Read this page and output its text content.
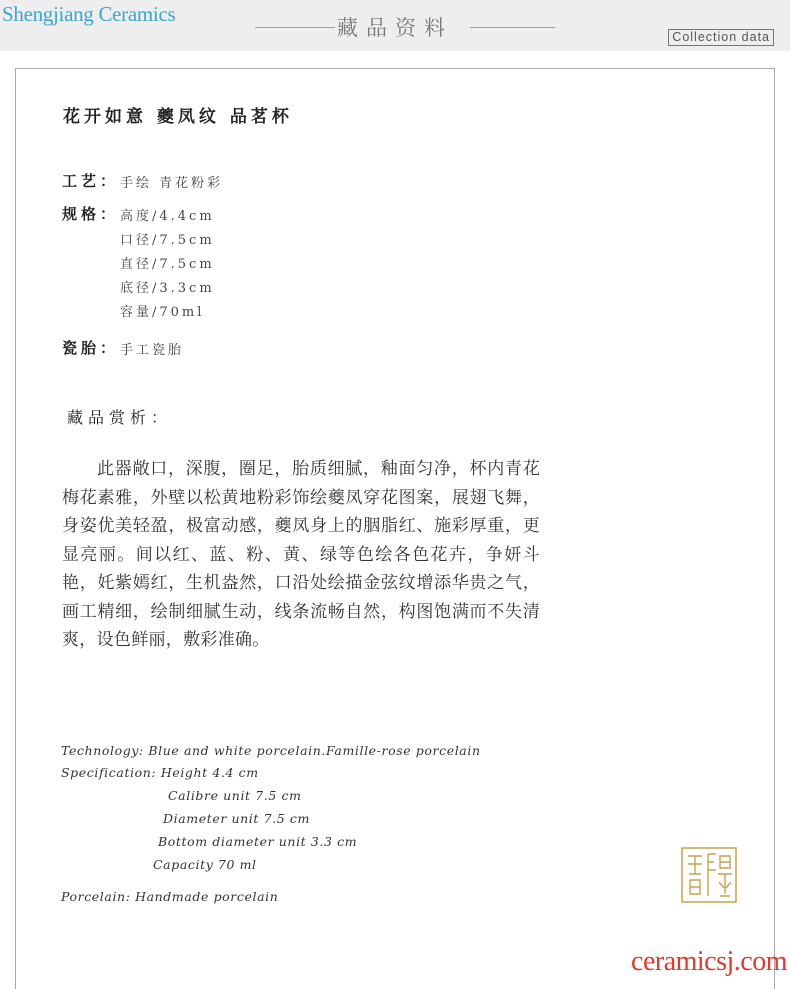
Shengjiang Ceramics
藏品资料	Collection data
花开如意 夔凤纹 品茗杯
工艺： 手绘 青花粉彩
规格： 高度/4.4cm
口径/7.5cm
直径/7.5cm
底径/3.3cm
容量/70ml
瓷胎： 手工瓷胎
藏品赏析：
此器敞口，深腹，圈足，胎质细腻，釉面匀净，杯内青花梅花素雅，外壁以松黄地粉彩饰绘夔凤穿花图案，展翅飞舞，身姿优美轻盈，极富动感，夔凤身上的胭脂红、施彩厚重，更显亮丽。间以红、蓝、粉、黄、绿等色绘各色花卉，争妍斗艳，奼紫嫣红，生机盎然，口沿处绘描金弦纹增添华贵之气，画工精细，绘制细腻生动，线条流畅自然，构图饱满而不失清爽，设色鲜丽，敷彩准确。
Technology: Blue and white porcelain.Famille-rose porcelain
Specification: Height 4.4 cm
Calibre unit 7.5 cm
Diameter unit 7.5 cm
Bottom diameter unit 3.3 cm
Capacity 70 ml
Porcelain: Handmade porcelain
ceramicsj.com
